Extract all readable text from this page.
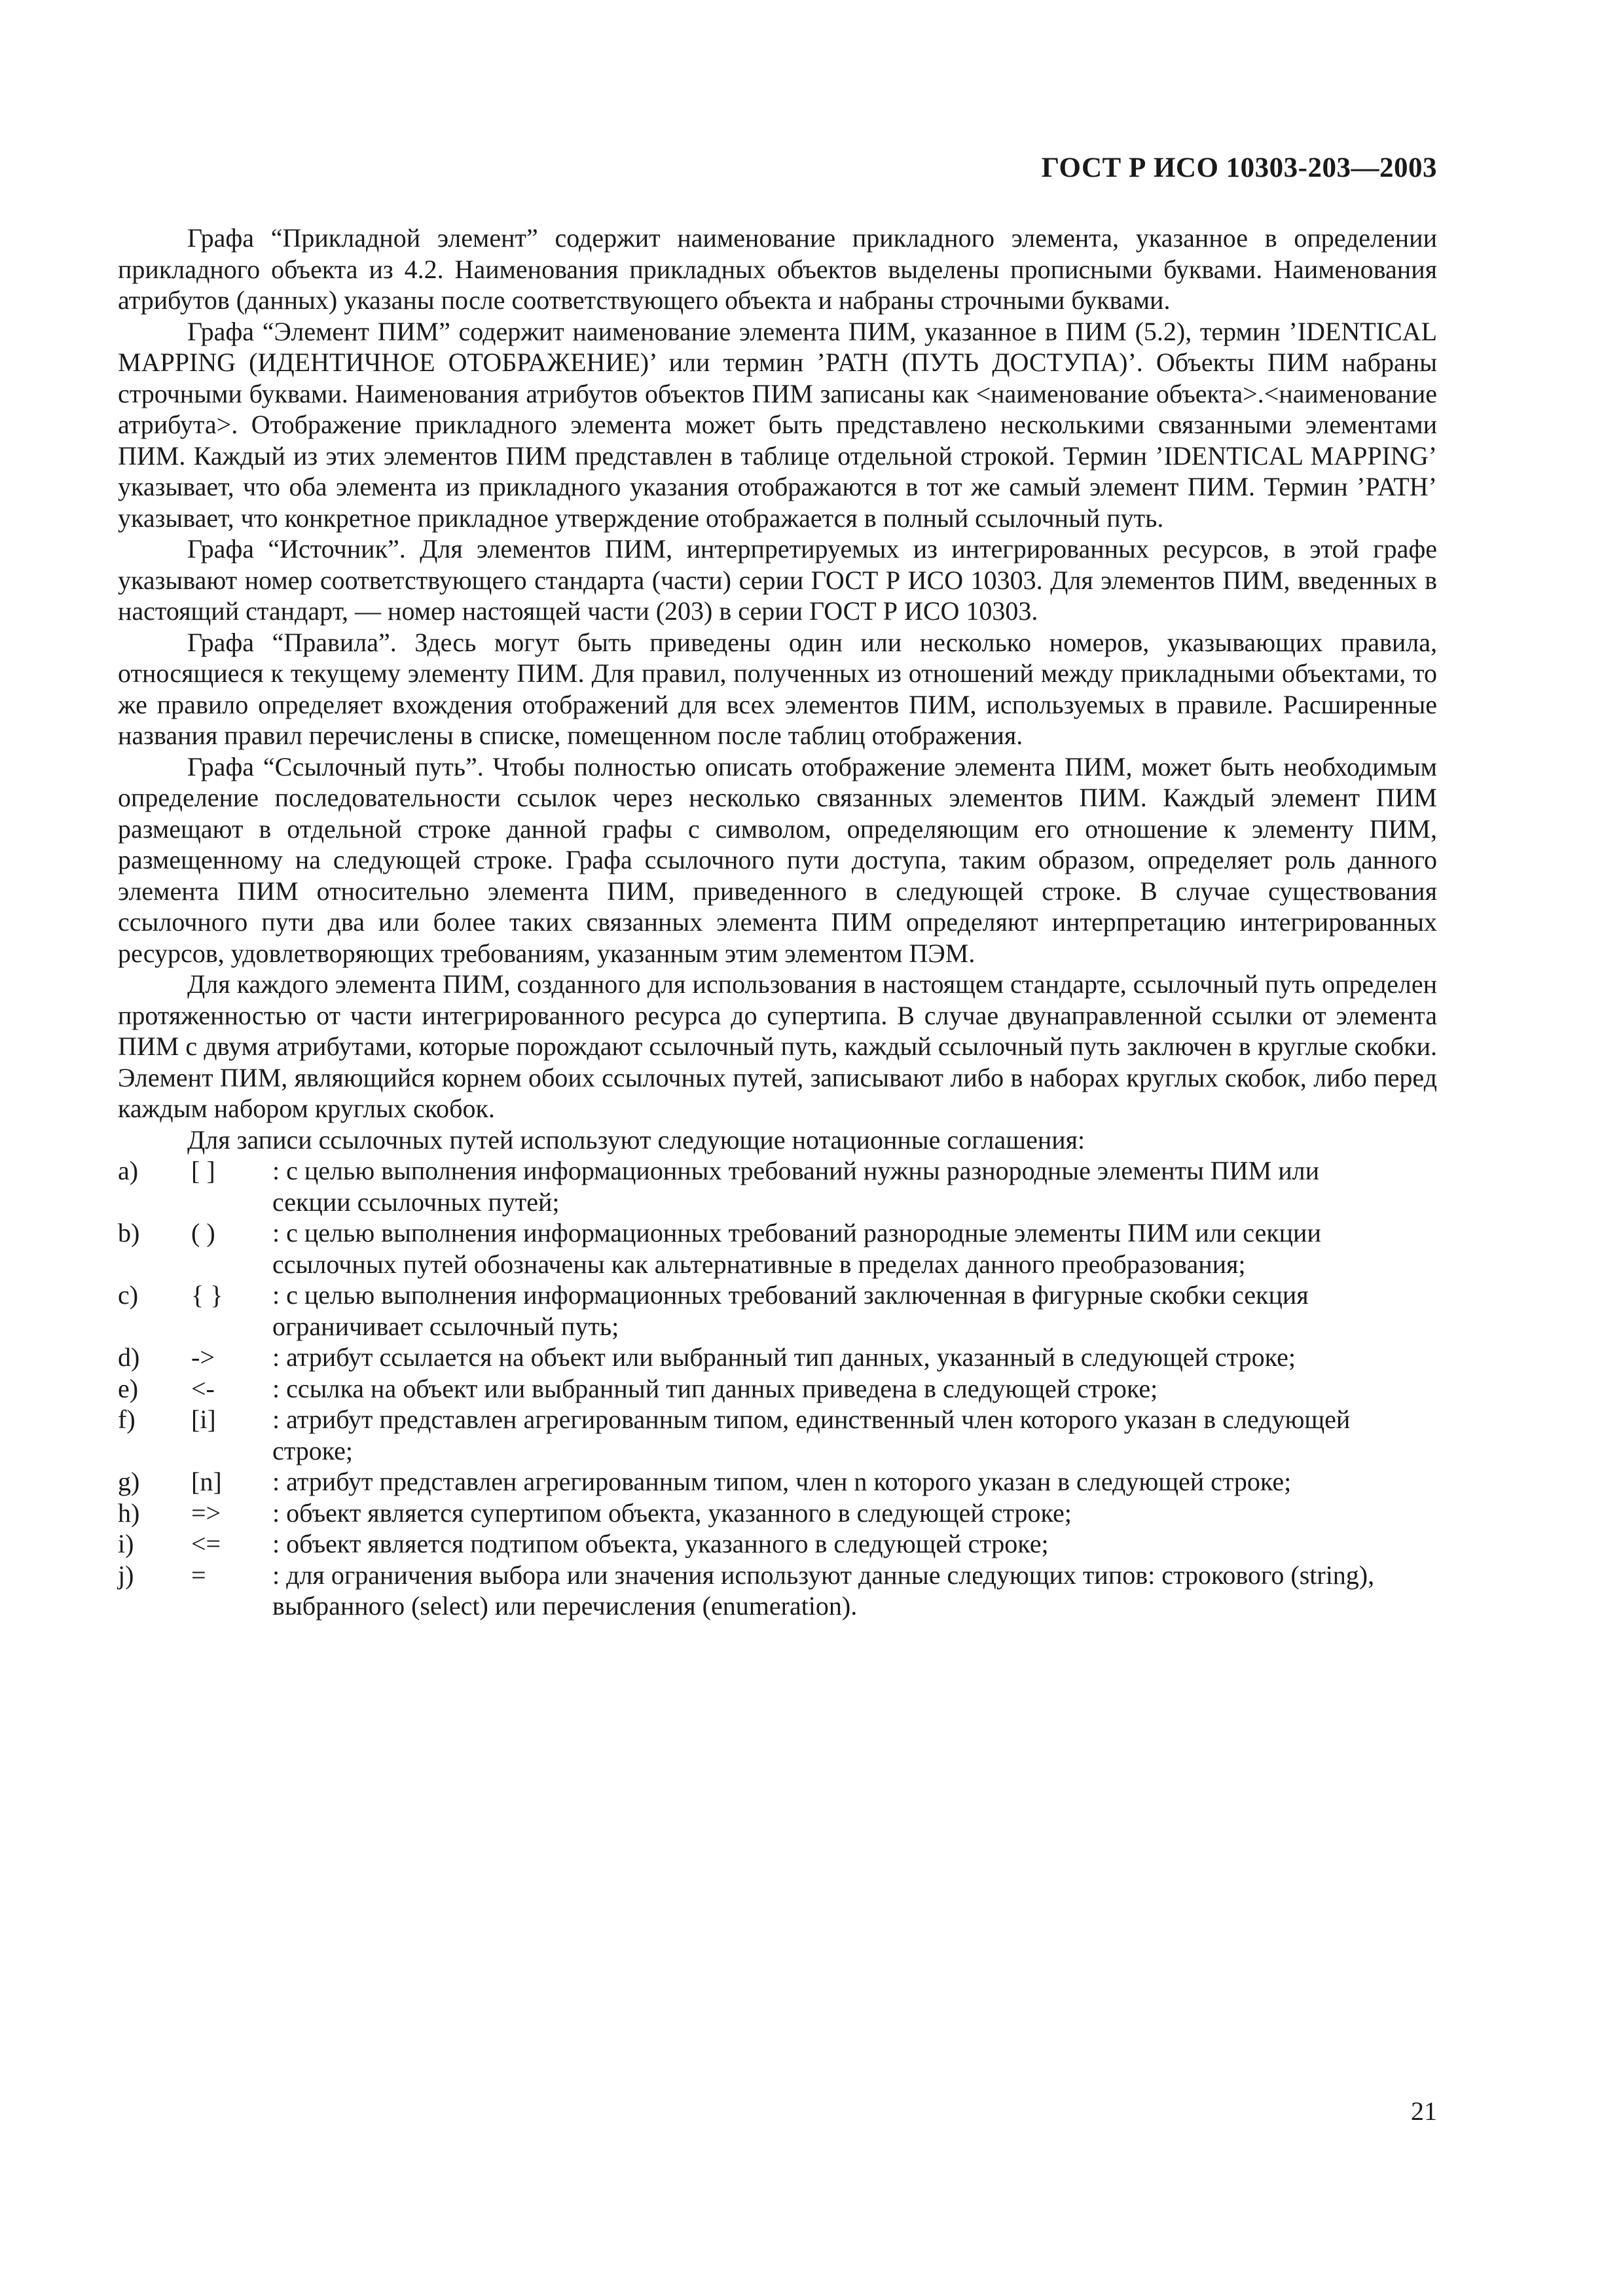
ГОСТ Р ИСО 10303-203—2003

Графа “Прикладной элемент” содержит наименование прикладного элемента, указанное в определении прикладного объекта из 4.2. Наименования прикладных объектов выделены прописными буквами. Наименования атрибутов (данных) указаны после соответствующего объекта и набраны строчными буквами.

Графа “Элемент ПИМ” содержит наименование элемента ПИМ, указанное в ПИМ (5.2), термин ’IDENTICAL MAPPING (ИДЕНТИЧНОЕ ОТОБРАЖЕНИЕ)’ или термин ’PATH (ПУТЬ ДОСТУПА)’. Объекты ПИМ набраны строчными буквами. Наименования атрибутов объектов ПИМ записаны как <наименование объекта>.<наименование атрибута>. Отображение прикладного элемента может быть представлено несколькими связанными элементами ПИМ. Каждый из этих элементов ПИМ представлен в таблице отдельной строкой. Термин ’IDENTICAL MAPPING’ указывает, что оба элемента из прикладного указания отображаются в тот же самый элемент ПИМ. Термин ’PATH’ указывает, что конкретное прикладное утверждение отображается в полный ссылочный путь.

Графа “Источник”. Для элементов ПИМ, интерпретируемых из интегрированных ресурсов, в этой графе указывают номер соответствующего стандарта (части) серии ГОСТ Р ИСО 10303. Для элементов ПИМ, введенных в настоящий стандарт, — номер настоящей части (203) в серии ГОСТ Р ИСО 10303.

Графа “Правила”. Здесь могут быть приведены один или несколько номеров, указывающих правила, относящиеся к текущему элементу ПИМ. Для правил, полученных из отношений между прикладными объектами, то же правило определяет вхождения отображений для всех элементов ПИМ, используемых в правиле. Расширенные названия правил перечислены в списке, помещенном после таблиц отображения.

Графа “Ссылочный путь”. Чтобы полностью описать отображение элемента ПИМ, может быть необходимым определение последовательности ссылок через несколько связанных элементов ПИМ. Каждый элемент ПИМ размещают в отдельной строке данной графы с символом, определяющим его отношение к элементу ПИМ, размещенному на следующей строке. Графа ссылочного пути доступа, таким образом, определяет роль данного элемента ПИМ относительно элемента ПИМ, приведенного в следующей строке. В случае существования ссылочного пути два или более таких связанных элемента ПИМ определяют интерпретацию интегрированных ресурсов, удовлетворяющих требованиям, указанным этим элементом ПЭМ.

Для каждого элемента ПИМ, созданного для использования в настоящем стандарте, ссылочный путь определен протяженностью от части интегрированного ресурса до супертипа. В случае двунаправленной ссылки от элемента ПИМ с двумя атрибутами, которые порождают ссылочный путь, каждый ссылочный путь заключен в круглые скобки. Элемент ПИМ, являющийся корнем обоих ссылочных путей, записывают либо в наборах круглых скобок, либо перед каждым набором круглых скобок.

Для записи ссылочных путей используют следующие нотационные соглашения:

a)	[ ]	: с целью выполнения информационных требований нужны разнородные элементы ПИМ или секции ссылочных путей;
b)	( )	: с целью выполнения информационных требований разнородные элементы ПИМ или секции ссылочных путей обозначены как альтернативные в пределах данного преобразования;
c)	{ }	: с целью выполнения информационных требований заключенная в фигурные скобки секция ограничивает ссылочный путь;
d)	->	: атрибут ссылается на объект или выбранный тип данных, указанный в следующей строке;
e)	<-	: ссылка на объект или выбранный тип данных приведена в следующей строке;
f)	[i]	: атрибут представлен агрегированным типом, единственный член которого указан в следующей строке;
g)	[n]	: атрибут представлен агрегированным типом, член n которого указан в следующей строке;
h)	=>	: объект является супертипом объекта, указанного в следующей строке;
i)	<=	: объект является подтипом объекта, указанного в следующей строке;
j)	=	: для ограничения выбора или значения используют данные следующих типов: строкового (string), выбранного (select) или перечисления (enumeration).
21
